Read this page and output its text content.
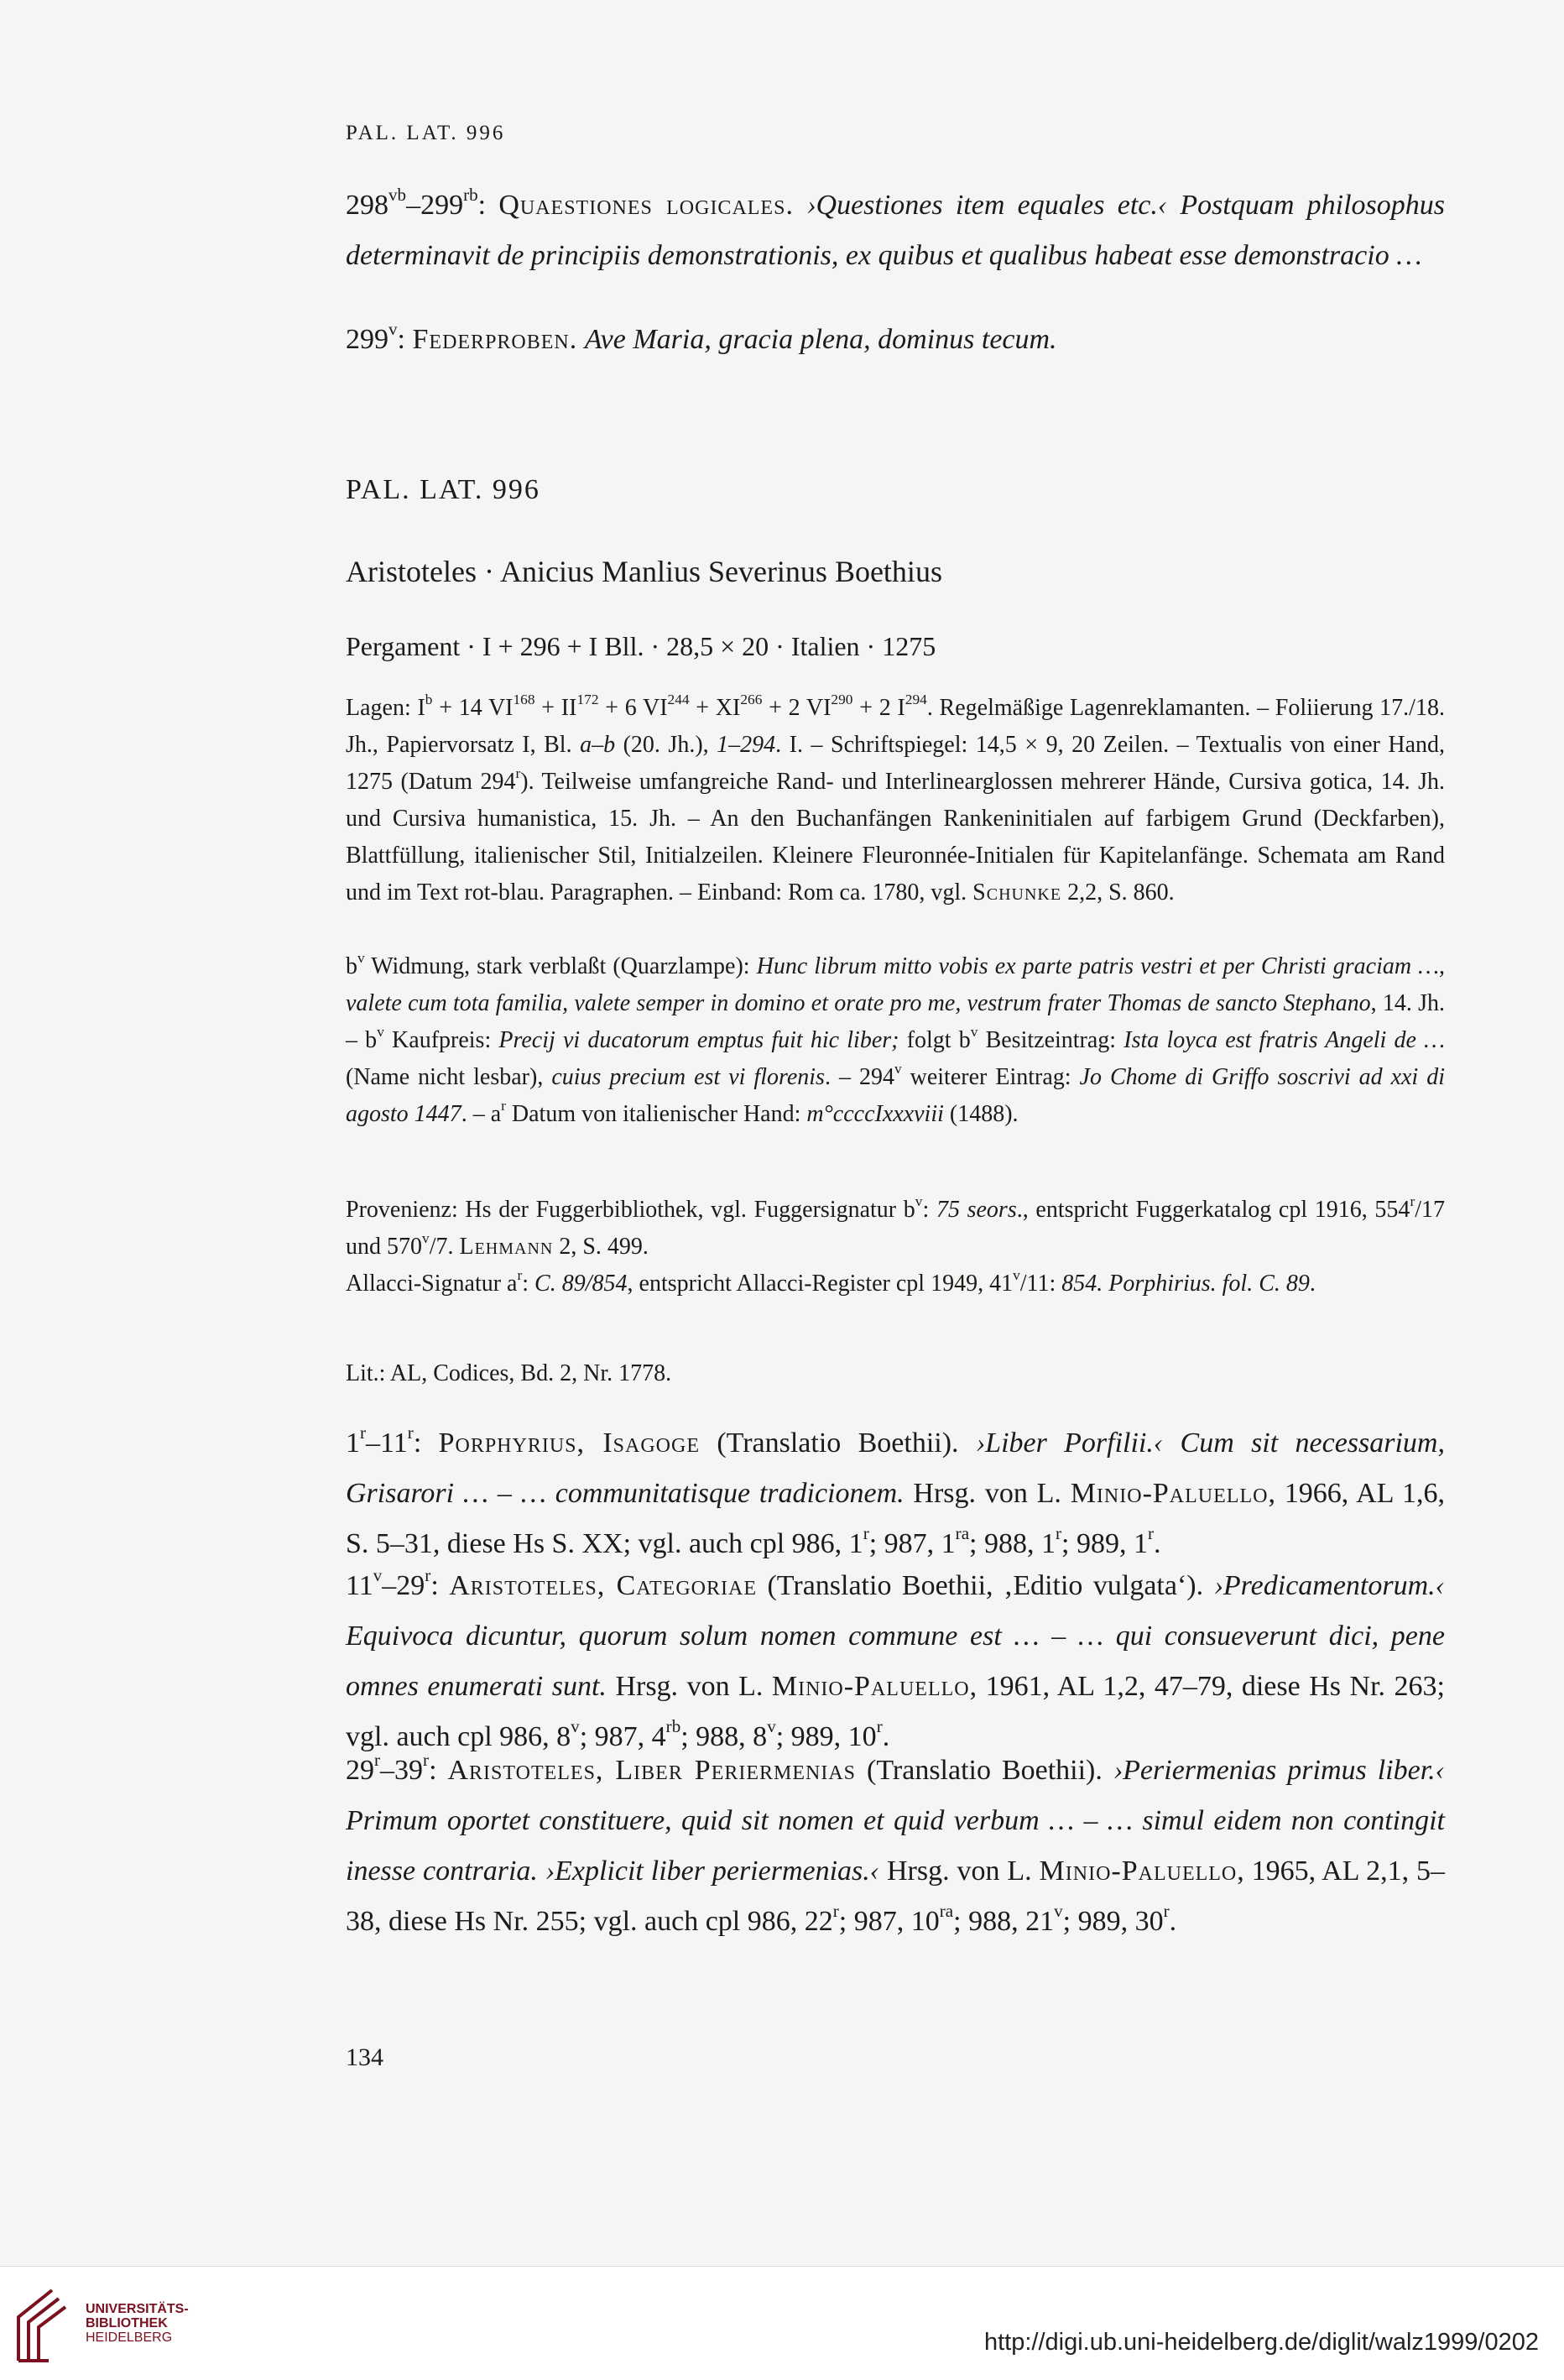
PAL. LAT. 996
$298^{vb}-299^{rb}$: Quaestiones logicales. ›Questiones item equales etc.‹ Postquam philosophus determinavit de principiis demonstrationis, ex quibus et qualibus habeat esse demonstracio …
299$^v$: Federproben. Ave Maria, gracia plena, dominus tecum.
PAL. LAT. 996
Aristoteles · Anicius Manlius Severinus Boethius
Pergament · I + 296 + I Bll. · 28,5 × 20 · Italien · 1275
Lagen: $I^b + 14$ $VI^{168} + II^{172} + 6$ $VI^{244} + XI^{266} + 2$ $VI^{290} + 2$ $I^{294}$. Regelmäßige Lagenreklamanten. – Foliierung 17./18. Jh., Papiervorsatz I, Bl. a–b (20. Jh.), 1–294. I. – Schriftspiegel: 14,5 × 9, 20 Zeilen. – Textualis von einer Hand, 1275 (Datum 294$^r$). Teilweise umfangreiche Rand- und Interlinearglossen mehrerer Hände, Cursiva gotica, 14. Jh. und Cursiva humanistica, 15. Jh. – An den Buchanfängen Rankeninitialen auf farbigem Grund (Deckfarben), Blattfüllung, italienischer Stil, Initialzeilen. Kleinere Fleuronnée-Initialen für Kapitelanfänge. Schemata am Rand und im Text rot-blau. Paragraphen. – Einband: Rom ca. 1780, vgl. Schunke 2,2, S. 860.
$b^v$ Widmung, stark verblaßt (Quarzlampe): Hunc librum mitto vobis ex parte patris vestri et per Christi graciam …, valete cum tota familia, valete semper in domino et orate pro me, vestrum frater Thomas de sancto Stephano, 14. Jh. – $b^v$ Kaufpreis: Precij vi ducatorum emptus fuit hic liber; folgt $b^v$ Besitzeintrag: Ista loyca est fratris Angeli de … (Name nicht lesbar), cuius precium est vi florenis. – 294$^v$ weiterer Eintrag: Jo Chome di Griffo soscrivi ad xxi di agosto 1447. – $a^r$ Datum von italienischer Hand: m°ccccIxxxviii (1488).
Provenienz: Hs der Fuggerbibliothek, vgl. Fuggersignatur $b^v$: 75 seors., entspricht Fuggerkatalog cpl 1916, 554$^r$/17 und 570$^v$/7. Lehmann 2, S. 499.
Allacci-Signatur $a^r$: C. 89/854, entspricht Allacci-Register cpl 1949, 41$^v$/11: 854. Porphirius. fol. C. 89.
Lit.: AL, Codices, Bd. 2, Nr. 1778.
1$^r$–11$^r$: Porphyrius, Isagoge (Translatio Boethii). ›Liber Porfilii.‹ Cum sit necessarium, Grisarori … – … communitatisque tradicionem. Hrsg. von L. Minio-Paluello, 1966, AL 1,6, S. 5–31, diese Hs S. XX; vgl. auch cpl 986, 1$^r$; 987, $1^{ra}$; 988, 1$^r$; 989, 1$^r$.
11$^v$–29$^r$: Aristoteles, Categoriae (Translatio Boethii, ‚Editio vulgata‘). ›Predicamentorum.‹ Equivoca dicuntur, quorum solum nomen commune est … – … qui consueverunt dici, pene omnes enumerati sunt. Hrsg. von L. Minio-Paluello, 1961, AL 1,2, 47–79, diese Hs Nr. 263; vgl. auch cpl 986, 8$^v$; 987, $4^{rb}$; 988, 8$^v$; 989, 10$^r$.
29$^r$–39$^r$: Aristoteles, Liber Periermenias (Translatio Boethii). ›Periermenias primus liber.‹ Primum oportet constituere, quid sit nomen et quid verbum … – … simul eidem non contingit inesse contraria. ›Explicit liber periermenias.‹ Hrsg. von L. Minio-Paluello, 1965, AL 2,1, 5–38, diese Hs Nr. 255; vgl. auch cpl 986, 22$^r$; 987, $10^{ra}$; 988, 21$^v$; 989, 30$^r$.
134
UNIVERSITÄTS-
BIBLIOTHEK
HEIDELBERG	http://digi.ub.uni-heidelberg.de/diglit/walz1999/0202
